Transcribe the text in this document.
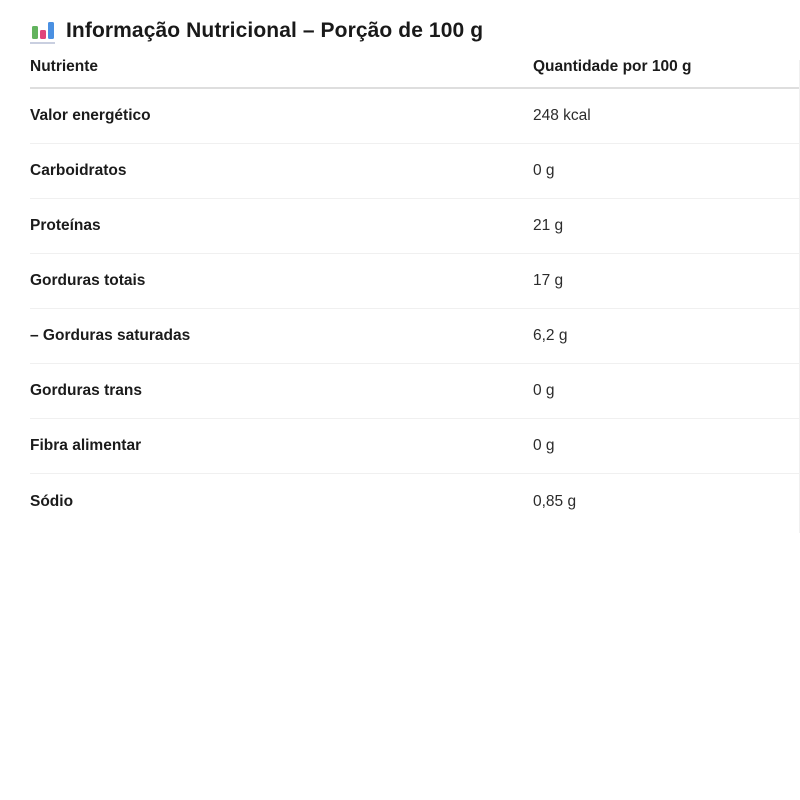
Informação Nutricional – Porção de 100 g
Nutriente	Quantidade por 100 g
Valor energético	248 kcal
Carboidratos	0 g
Proteínas	21 g
Gorduras totais	17 g
– Gorduras saturadas	6,2 g
Gorduras trans	0 g
Fibra alimentar	0 g
Sódio	0,85 g
